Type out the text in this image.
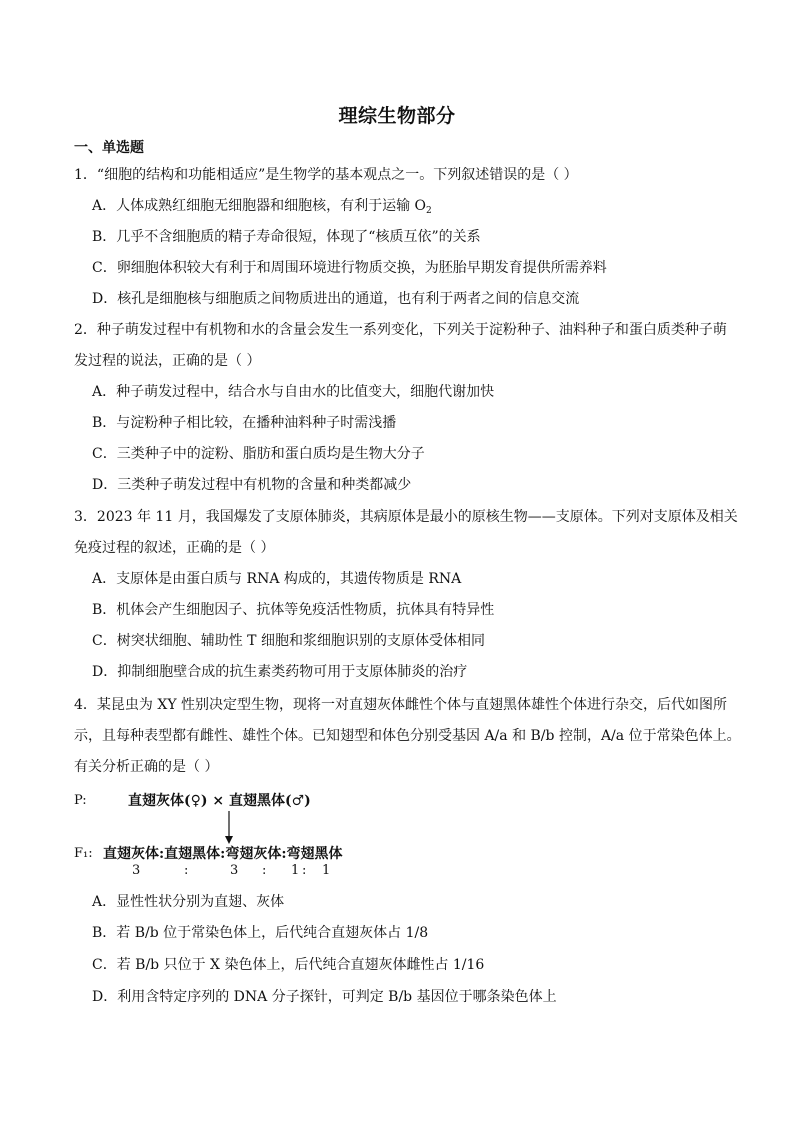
理综生物部分
一、单选题
1．“细胞的结构和功能相适应”是生物学的基本观点之一。下列叙述错误的是（ ）
A．人体成熟红细胞无细胞器和细胞核，有利于运输 $O_2$
B．几乎不含细胞质的精子寿命很短，体现了“核质互依”的关系
C．卵细胞体积较大有利于和周围环境进行物质交换，为胚胎早期发育提供所需养料
D．核孔是细胞核与细胞质之间物质进出的通道，也有利于两者之间的信息交流
2．种子萌发过程中有机物和水的含量会发生一系列变化，下列关于淀粉种子、油料种子和蛋白质类种子萌
发过程的说法，正确的是（ ）
A．种子萌发过程中，结合水与自由水的比值变大，细胞代谢加快
B．与淀粉种子相比较，在播种油料种子时需浅播
C．三类种子中的淀粉、脂肪和蛋白质均是生物大分子
D．三类种子萌发过程中有机物的含量和种类都减少
3．2023 年 11 月，我国爆发了支原体肺炎，其病原体是最小的原核生物——支原体。下列对支原体及相关
免疫过程的叙述，正确的是（ ）
A．支原体是由蛋白质与 RNA 构成的，其遗传物质是 RNA
B．机体会产生细胞因子、抗体等免疫活性物质，抗体具有特异性
C．树突状细胞、辅助性 T 细胞和浆细胞识别的支原体受体相同
D．抑制细胞壁合成的抗生素类药物可用于支原体肺炎的治疗
4．某昆虫为 XY 性别决定型生物，现将一对直翅灰体雌性个体与直翅黑体雄性个体进行杂交，后代如图所
示，且每种表型都有雌性、雄性个体。已知翅型和体色分别受基因 A/a 和 B/b 控制，A/a 位于常染色体上。
有关分析正确的是（ ）
P:	直翅灰体(♀) × 直翅黑体(♂)
F₁: 直翅灰体:直翅黑体:弯翅灰体:弯翅黑体
3	:	3 : 1 : 1
A．显性性状分别为直翅、灰体
B．若 B/b 位于常染色体上，后代纯合直翅灰体占 1/8
C．若 B/b 只位于 X 染色体上，后代纯合直翅灰体雌性占 1/16
D．利用含特定序列的 DNA 分子探针，可判定 B/b 基因位于哪条染色体上
